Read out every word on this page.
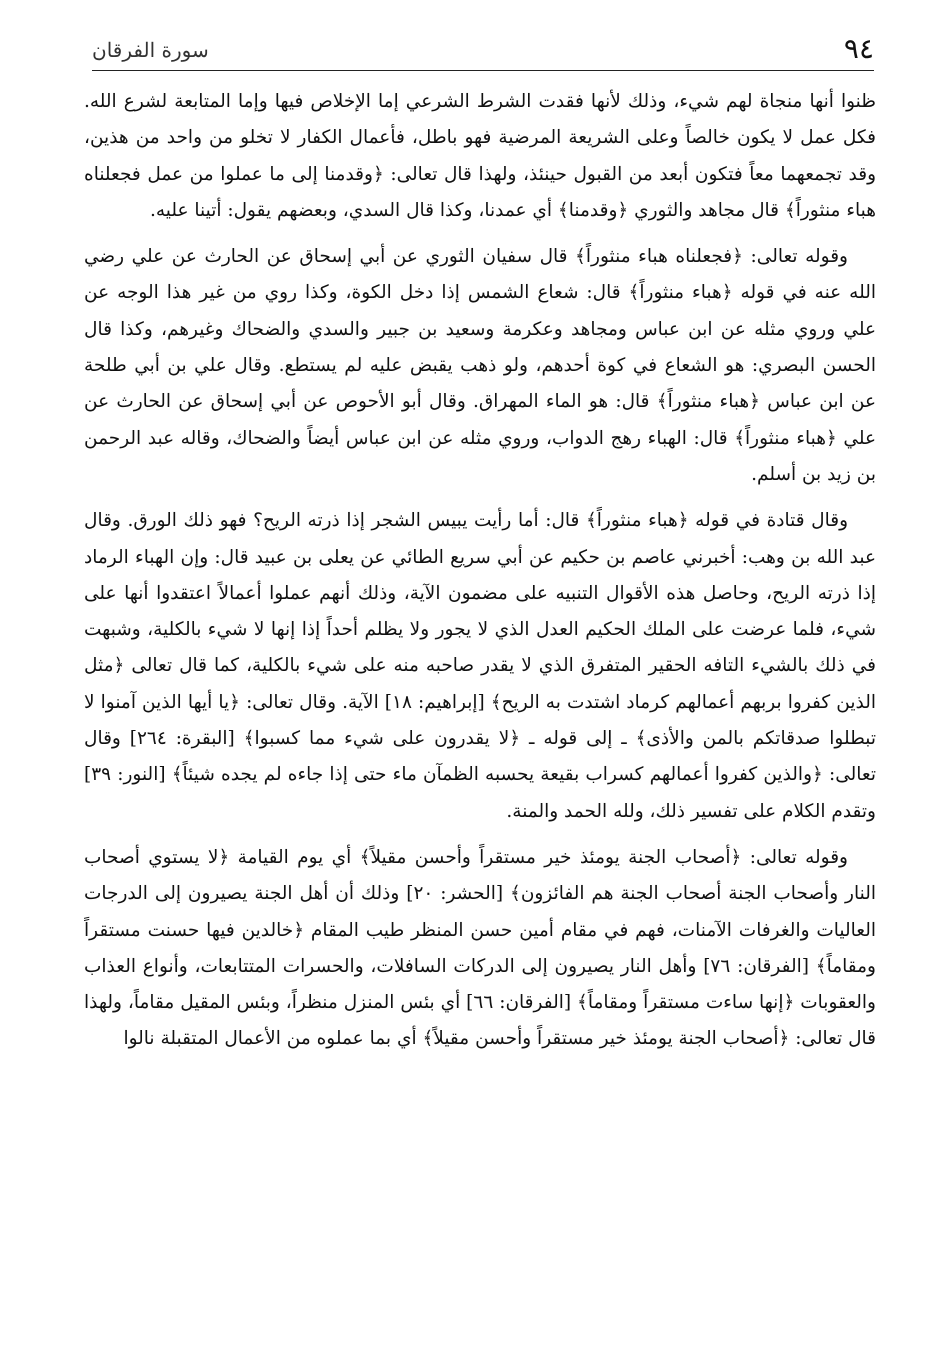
٩٤
سورة الفرقان

ظنوا أنها منجاة لهم شيء، وذلك لأنها فقدت الشرط الشرعي إما الإخلاص فيها وإما المتابعة لشرع الله. فكل عمل لا يكون خالصاً وعلى الشريعة المرضية فهو باطل، فأعمال الكفار لا تخلو من واحد من هذين، وقد تجمعهما معاً فتكون أبعد من القبول حينئذ، ولهذا قال تعالى: ﴿وقدمنا إلى ما عملوا من عمل فجعلناه هباء منثوراً﴾ قال مجاهد والثوري ﴿وقدمنا﴾ أي عمدنا، وكذا قال السدي، وبعضهم يقول: أتينا عليه.

وقوله تعالى: ﴿فجعلناه هباء منثوراً﴾ قال سفيان الثوري عن أبي إسحاق عن الحارث عن علي رضي الله عنه في قوله ﴿هباء منثوراً﴾ قال: شعاع الشمس إذا دخل الكوة، وكذا روي من غير هذا الوجه عن علي وروي مثله عن ابن عباس ومجاهد وعكرمة وسعيد بن جبير والسدي والضحاك وغيرهم، وكذا قال الحسن البصري: هو الشعاع في كوة أحدهم، ولو ذهب يقبض عليه لم يستطع. وقال علي بن أبي طلحة عن ابن عباس ﴿هباء منثوراً﴾ قال: هو الماء المهراق. وقال أبو الأحوص عن أبي إسحاق عن الحارث عن علي ﴿هباء منثوراً﴾ قال: الهباء رهج الدواب، وروي مثله عن ابن عباس أيضاً والضحاك، وقاله عبد الرحمن بن زيد بن أسلم.

وقال قتادة في قوله ﴿هباء منثوراً﴾ قال: أما رأيت يبيس الشجر إذا ذرته الريح؟ فهو ذلك الورق. وقال عبد الله بن وهب: أخبرني عاصم بن حكيم عن أبي سريع الطائي عن يعلى بن عبيد قال: وإن الهباء الرماد إذا ذرته الريح، وحاصل هذه الأقوال التنبيه على مضمون الآية، وذلك أنهم عملوا أعمالاً اعتقدوا أنها على شيء، فلما عرضت على الملك الحكيم العدل الذي لا يجور ولا يظلم أحداً إذا إنها لا شيء بالكلية، وشبهت في ذلك بالشيء التافه الحقير المتفرق الذي لا يقدر صاحبه منه على شيء بالكلية، كما قال تعالى ﴿مثل الذين كفروا بربهم أعمالهم كرماد اشتدت به الريح﴾ [إبراهيم: ١٨] الآية. وقال تعالى: ﴿يا أيها الذين آمنوا لا تبطلوا صدقاتكم بالمن والأذى﴾ ـ إلى قوله ـ ﴿لا يقدرون على شيء مما كسبوا﴾ [البقرة: ٢٦٤] وقال تعالى: ﴿والذين كفروا أعمالهم كسراب بقيعة يحسبه الظمآن ماء حتى إذا جاءه لم يجده شيئاً﴾ [النور: ٣٩] وتقدم الكلام على تفسير ذلك، ولله الحمد والمنة.

وقوله تعالى: ﴿أصحاب الجنة يومئذ خير مستقراً وأحسن مقيلاً﴾ أي يوم القيامة ﴿لا يستوي أصحاب النار وأصحاب الجنة أصحاب الجنة هم الفائزون﴾ [الحشر: ٢٠] وذلك أن أهل الجنة يصيرون إلى الدرجات العاليات والغرفات الآمنات، فهم في مقام أمين حسن المنظر طيب المقام ﴿خالدين فيها حسنت مستقراً ومقاماً﴾ [الفرقان: ٧٦] وأهل النار يصيرون إلى الدركات السافلات، والحسرات المتتابعات، وأنواع العذاب والعقوبات ﴿إنها ساءت مستقراً ومقاماً﴾ [الفرقان: ٦٦] أي بئس المنزل منظراً، وبئس المقيل مقاماً، ولهذا قال تعالى: ﴿أصحاب الجنة يومئذ خير مستقراً وأحسن مقيلاً﴾ أي بما عملوه من الأعمال المتقبلة نالوا
